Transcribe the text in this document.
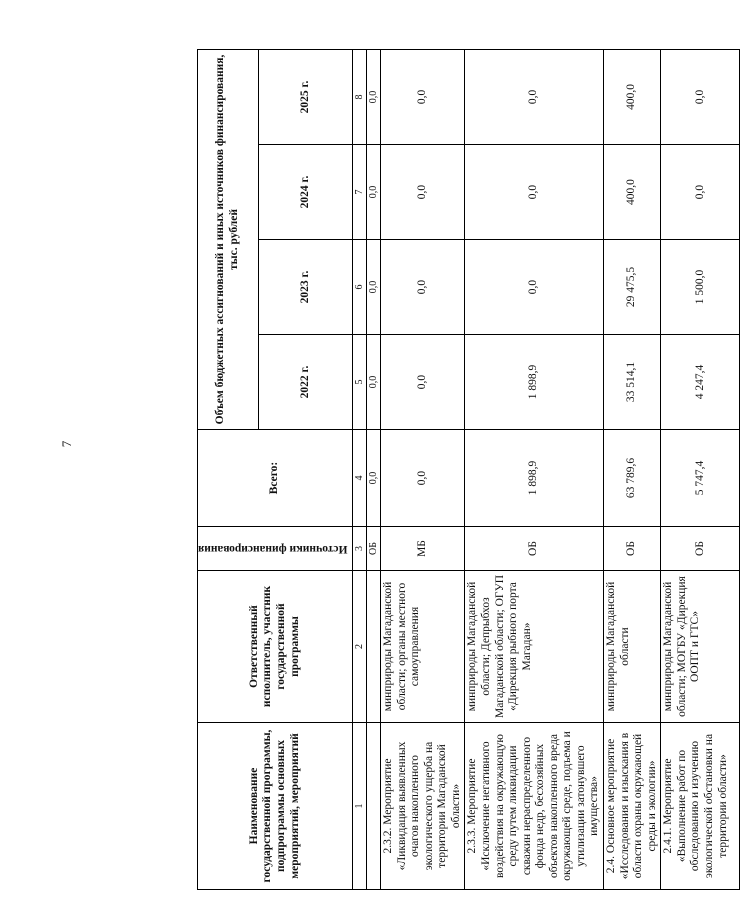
7
Наименование государственной программы, подпрограммы основных мероприятий, мероприятий	Ответственный исполнитель, участник государственной программы	Источники финансирования	Всего:	Объем бюджетных ассигнований и иных источников финансирования, тыс. рублей			
				2022 г.	2023 г.	2024 г.	2025 г.
1	2	3	4	5	6	7	8
		ОБ	0,0	0,0	0,0	0,0	0,0
2.3.2. Мероприятие «Ликвидация выявленных очагов накопленного экологического ущерба на территории Магаданской области»	минприроды Магаданской области; органы местного самоуправления	МБ	0,0	0,0	0,0	0,0	0,0
2.3.3. Мероприятие «Исключение негативного воздействия на окружающую среду путем ликвидации скважин нераспределенного фонда недр, бесхозяйных объектов накопленного вреда окружающей среде, подъема и утилизации затонувшего имущества»	минприроды Магаданской области; Депрыбхоз Магаданской области; ОГУП «Дирекция рыбного порта Магадан»	ОБ	1 898,9	1 898,9	0,0	0,0	0,0
2.4. Основное мероприятие «Исследования и изыскания в области охраны окружающей среды и экологии»	минприроды Магаданской области	ОБ	63 789,6	33 514,1	29 475,5	400,0	400,0
2.4.1. Мероприятие «Выполнение работ по обследованию и изучению экологической обстановки на территории области»	минприроды Магаданской области; МОГБУ «Дирекция ООПТ и ГТС»	ОБ	5 747,4	4 247,4	1 500,0	0,0	0,0
